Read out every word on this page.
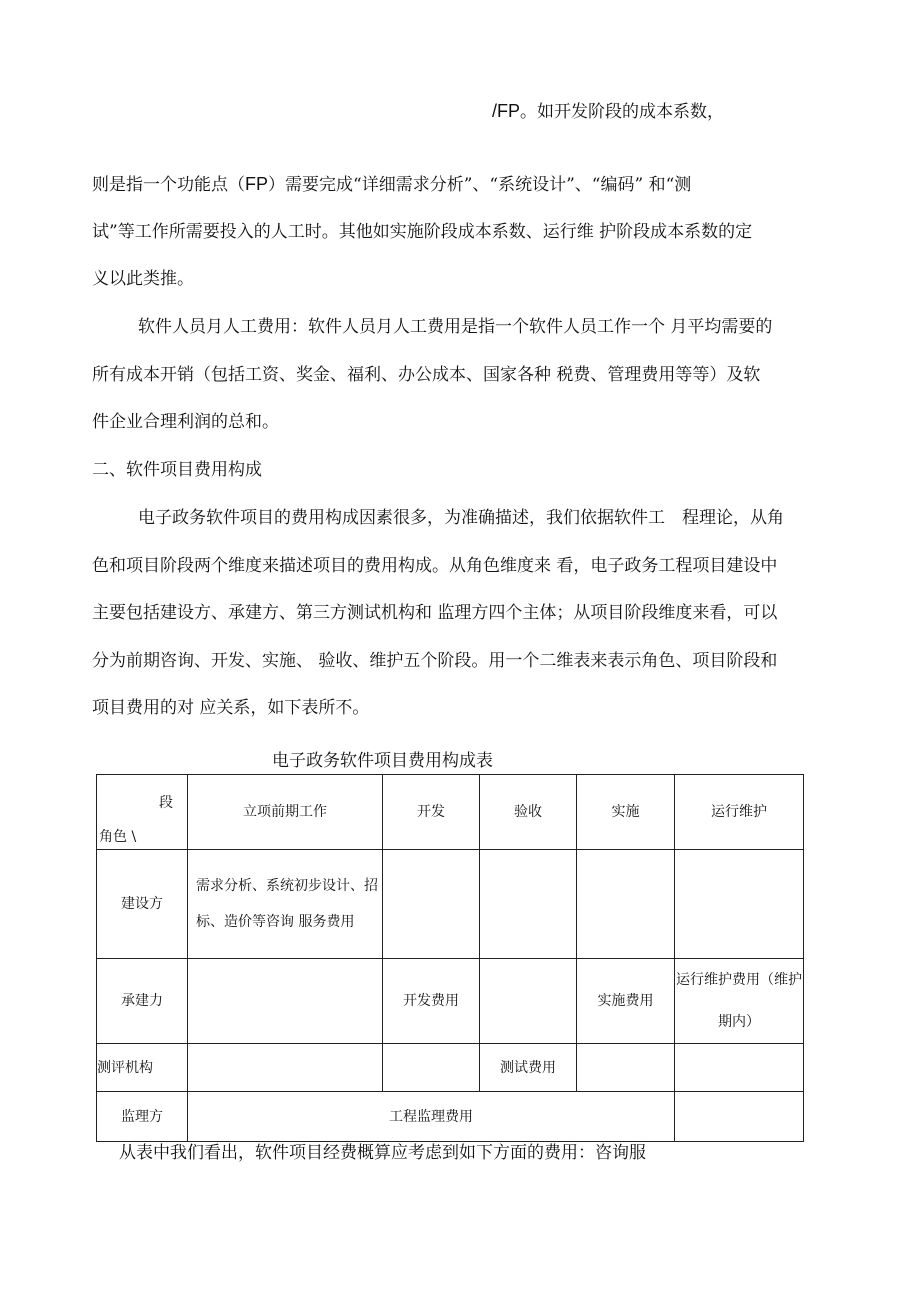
/FP。如开发阶段的成本系数，
则是指一个功能点（FP）需要完成“详细需求分析”、“系统设计”、“编码” 和“测
试”等工作所需要投入的人工时。其他如实施阶段成本系数、运行维 护阶段成本系数的定
义以此类推。
软件人员月人工费用：软件人员月人工费用是指一个软件人员工作一个 月平均需要的
所有成本开销（包括工资、奖金、福利、办公成本、国家各种 税费、管理费用等等）及软
件企业合理利润的总和。
二、软件项目费用构成
电子政务软件项目的费用构成因素很多，为准确描述，我们依据软件工　程理论，从角
色和项目阶段两个维度来描述项目的费用构成。从角色维度来 看，电子政务工程项目建设中
主要包括建设方、承建方、第三方测试机构和 监理方四个主体；从项目阶段维度来看，可以
分为前期咨询、开发、实施、 验收、维护五个阶段。用一个二维表来表示角色、项目阶段和
项目费用的对 应关系，如下表所不。
电子政务软件项目费用构成表
段
角色 \	立项前期工作	开发	验收	实施	运行维护
建设方	需求分析、系统初步设计、招标、造价等咨询 服务费用				
承建力		开发费用		实施费用	运行维护费用（维护期内）
测评机构			测试费用		
监理方	工程监理费用				
从表中我们看出，软件项目经费概算应考虑到如下方面的费用：咨询服
